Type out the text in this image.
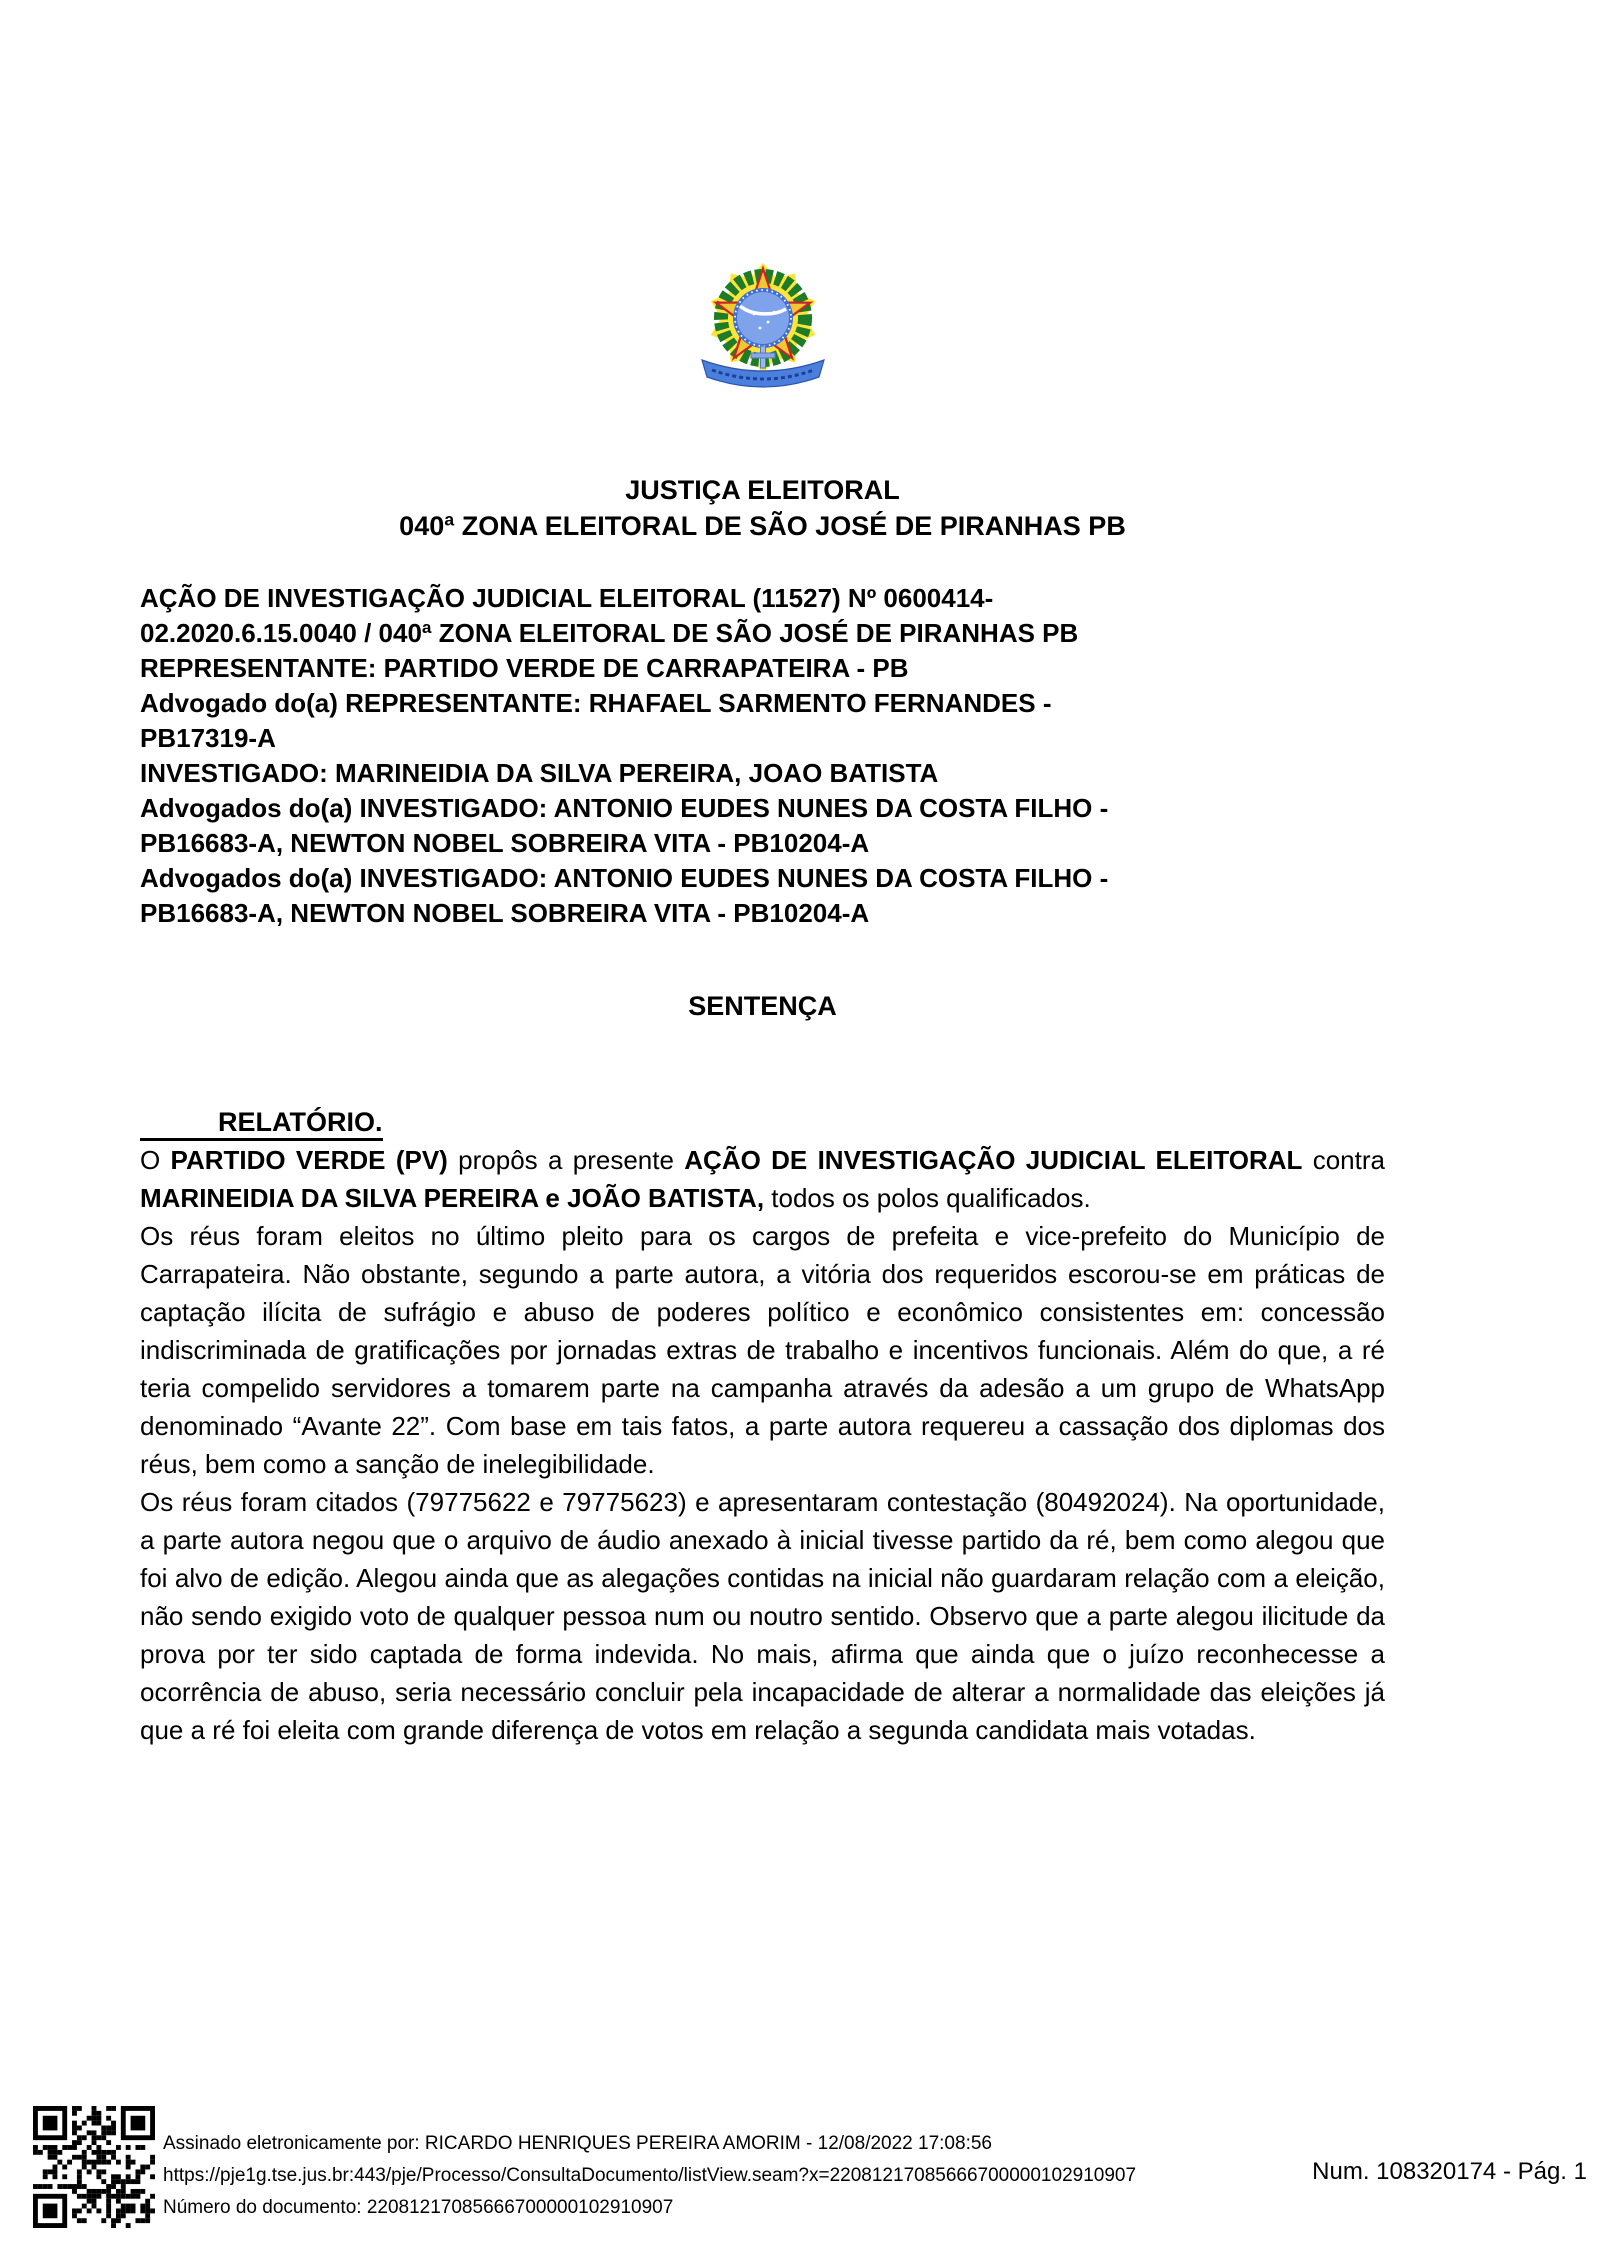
JUSTIÇA ELEITORAL
040ª ZONA ELEITORAL DE SÃO JOSÉ DE PIRANHAS PB
AÇÃO DE INVESTIGAÇÃO JUDICIAL ELEITORAL (11527) Nº 0600414-
02.2020.6.15.0040 / 040ª ZONA ELEITORAL DE SÃO JOSÉ DE PIRANHAS PB
REPRESENTANTE: PARTIDO VERDE DE CARRAPATEIRA - PB
Advogado do(a) REPRESENTANTE: RHAFAEL SARMENTO FERNANDES -
PB17319-A
INVESTIGADO: MARINEIDIA DA SILVA PEREIRA, JOAO BATISTA
Advogados do(a) INVESTIGADO: ANTONIO EUDES NUNES DA COSTA FILHO -
PB16683-A, NEWTON NOBEL SOBREIRA VITA - PB10204-A
Advogados do(a) INVESTIGADO: ANTONIO EUDES NUNES DA COSTA FILHO -
PB16683-A, NEWTON NOBEL SOBREIRA VITA - PB10204-A
SENTENÇA
RELATÓRIO.

O PARTIDO VERDE (PV) propôs a presente AÇÃO DE INVESTIGAÇÃO JUDICIAL ELEITORAL contra MARINEIDIA DA SILVA PEREIRA e JOÃO BATISTA, todos os polos qualificados.

Os réus foram eleitos no último pleito para os cargos de prefeita e vice-prefeito do Município de Carrapateira. Não obstante, segundo a parte autora, a vitória dos requeridos escorou-se em práticas de captação ilícita de sufrágio e abuso de poderes político e econômico consistentes em: concessão indiscriminada de gratificações por jornadas extras de trabalho e incentivos funcionais. Além do que, a ré teria compelido servidores a tomarem parte na campanha através da adesão a um grupo de WhatsApp denominado “Avante 22”. Com base em tais fatos, a parte autora requereu a cassação dos diplomas dos réus, bem como a sanção de inelegibilidade.

Os réus foram citados (79775622 e 79775623) e apresentaram contestação (80492024). Na oportunidade, a parte autora negou que o arquivo de áudio anexado à inicial tivesse partido da ré, bem como alegou que foi alvo de edição. Alegou ainda que as alegações contidas na inicial não guardaram relação com a eleição, não sendo exigido voto de qualquer pessoa num ou noutro sentido. Observo que a parte alegou ilicitude da prova por ter sido captada de forma indevida. No mais, afirma que ainda que o juízo reconhecesse a ocorrência de abuso, seria necessário concluir pela incapacidade de alterar a normalidade das eleições já que a ré foi eleita com grande diferença de votos em relação a segunda candidata mais votadas.

Assinado eletronicamente por: RICARDO HENRIQUES PEREIRA AMORIM - 12/08/2022 17:08:56
https://pje1g.tse.jus.br:443/pje/Processo/ConsultaDocumento/listView.seam?x=22081217085666700000102910907
Número do documento: 22081217085666700000102910907
Num. 108320174 - Pág. 1
